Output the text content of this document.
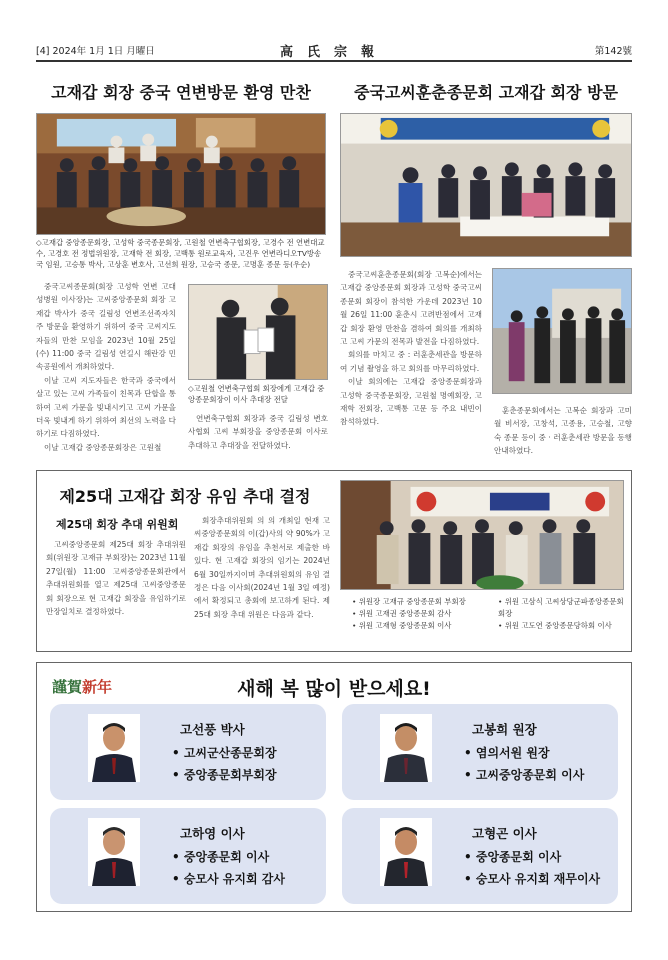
[4] 2024年 1月 1日 月曜日	高氏宗報	第142號
고재갑 회장 중국 연변방문 환영 만찬
◇고재갑 중앙종문회장, 고성학 중국종문회장, 고원철 연변축구협회장, 고경수 전 연변대교수, 고경호 전 정법위원장, 고재학 전 회장, 고백통 원로교육자, 고진우 연변라디오TV방송국 임원, 고승통 박사, 고상훈 변호사, 고선희 원장, 고승국 종문, 고명훈 종문 등(우순)

중국고씨종문회(회장 고성학 연변 고대성병원 이사장)는 고씨중앙종문회 회장 고재갑 박사가 중국 길림성 연변조선족자치주 방문을 환영하기 위하여 중국 고씨지도자들의 만찬 모임을 2023년 10월 25일(수) 11:00 중국 길림성 연길시 해란강 민속공원에서 개최하였다.

이날 고씨 지도자들은 한국과 중국에서 살고 있는 고씨 가족들이 친목과 단합을 통하여 고씨 가문을 빛내시키고 고씨 가문을 더욱 빛내게 하기 위하여 최선의 노력을 다하기로 다짐하였다.

이날 고재갑 중앙종문회장은 고원철

◇고원철 연변축구협회 회장에게 고재갑 중앙종문회장이 이사 추대장 전달
연변축구협회 회장과 중국 길림성 변호사협회 고씨 부회장을 중앙종문회 이사로 추대하고 추대장을 전달하였다.
중국고씨훈춘종문회 고재갑 회장 방문

중국고씨훈춘종문회(회장 고복순)에서는 고재갑 중앙종문회 회장과 고성학 중국고씨종문회 회장이 참석한 가운데 2023년 10월 26일 11:00 훈춘시 고려반점에서 고재갑 회장 환영 만찬을 겸하여 회의를 개최하고 고씨 가문의 전목과 발전을 다짐하였다.

회의를 마치고 중 : 러훈춘세관을 방문하여 기념 촬영을 하고 회의를 마무리하였다.

이날 회의에는 고재갑 중앙종문회장과 고성학 중국종문회장, 고원철 명예회장, 고재학 전회장, 고백통 고문 등 주요 내빈이 참석하였다.

훈춘종문회에서는 고복순 회장과 고미월 비서장, 고창석, 고종용, 고승철, 고향숙 종문 등이 중 · 러훈춘세관 방문을 동행 안내하였다.
제25대 고재갑 회장 유임 추대 결정
제25대 회장 추대 위원회
고씨중앙종문회 제25대 회장 추대위원회(위원장 고재규 부회장)는 2023년 11월 27일(월) 11:00 고씨중앙종문회관에서 추대위원회를 열고 제25대 고씨중앙종문회 회장으로 현 고재갑 회장을 유임하기로 만장일치로 결정하였다.
회장추대위원회 의 의 개최일 현재 고씨중앙종문회의 이(갑)사의 약 90%가 고재갑 회장의 유임을 추천서로 제출한 바 있다. 현 고재갑 회장의 임기는 2024년 6월 30일까지이며 추대위원회의 유임 결정은 다음 이사회(2024년 1월 3일 예정)에서 확정되고 총회에 보고하게 된다. 제25대 회장 추대 위원은 다음과 같다.
• 위원장 고재규 중앙종문회 부회장
• 위원 고재권 중앙종문회 감사
• 위원 고재형 중앙종문회 이사
• 위원 고삼식 고씨상당군파종앙종문회 회장
• 위원 고도연 중앙종문당하회 이사
謹賀新年	새해 복 많이 받으세요!
고선풍 박사
• 고씨군산종문회장
• 중앙종문회부회장
고봉희 원장
• 염의서원 원장
• 고씨중앙종문회 이사
고하영 이사
• 중앙종문회 이사
• 숭모사 유지회 감사
고형곤 이사
• 중앙종문회 이사
• 숭모사 유지회 재무이사
